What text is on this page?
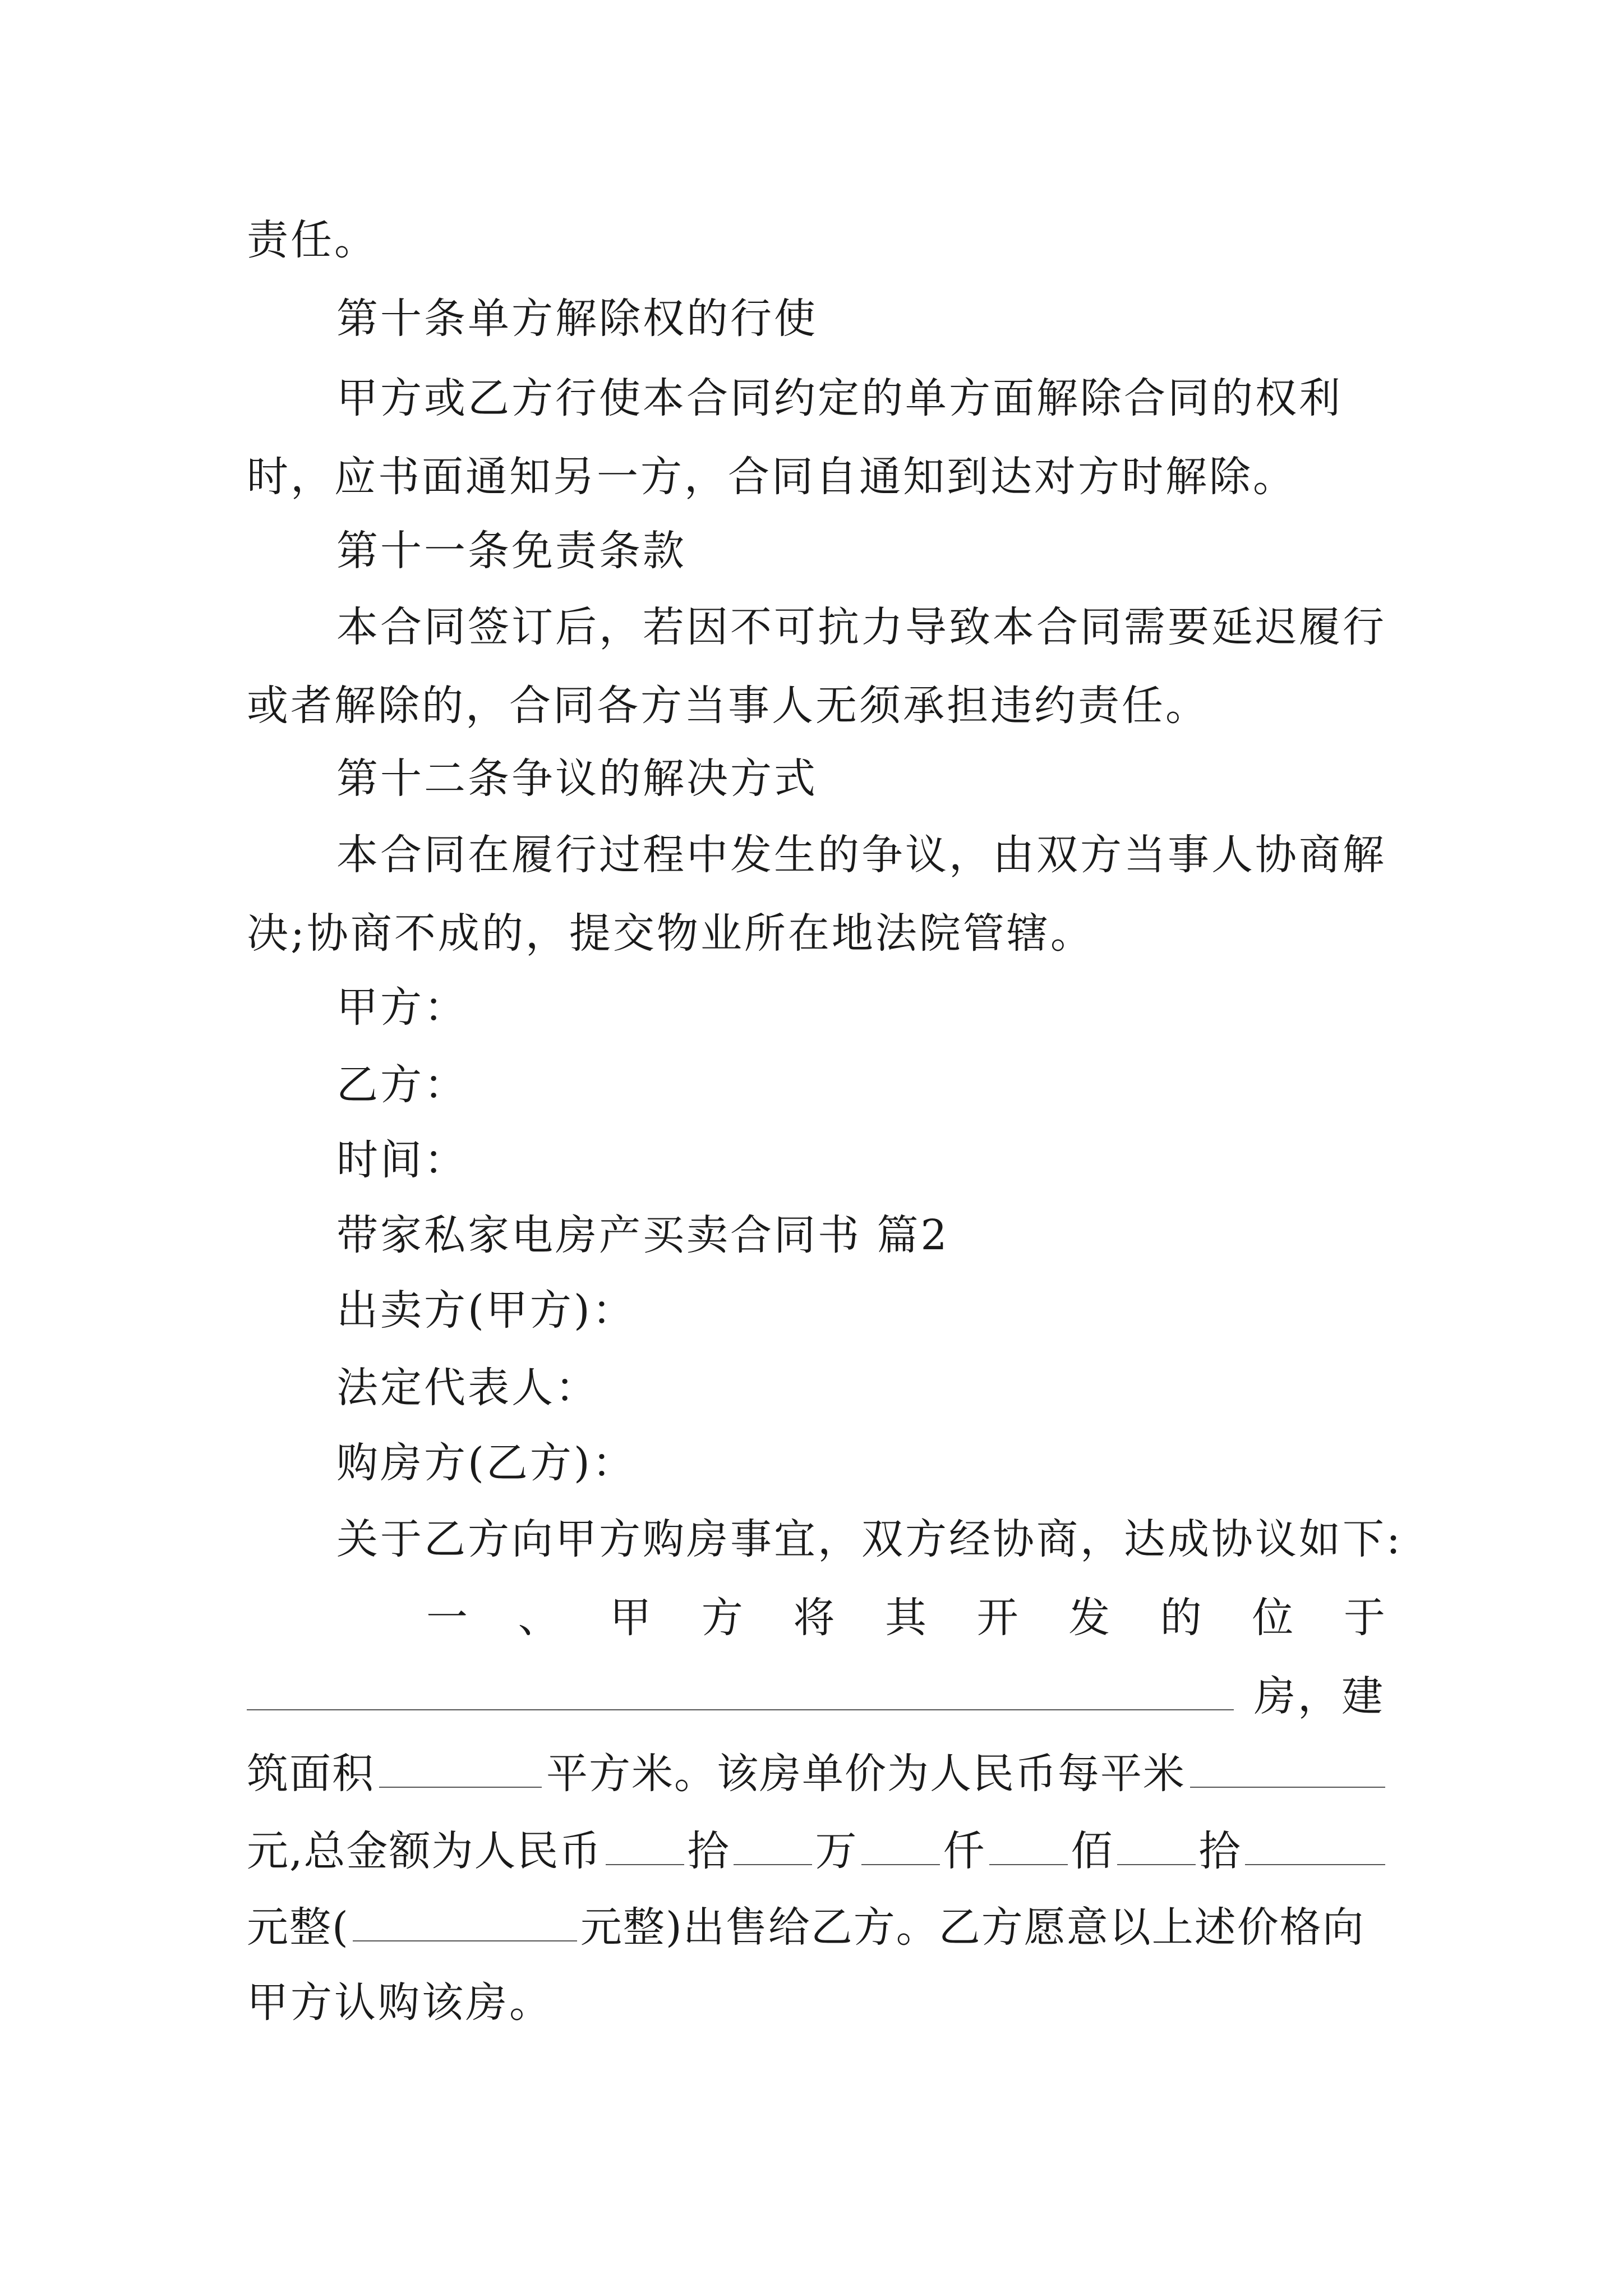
责任。
第十条单方解除权的行使
甲方或乙方行使本合同约定的单方面解除合同的权利
时，应书面通知另一方，合同自通知到达对方时解除。
第十一条免责条款
本合同签订后，若因不可抗力导致本合同需要延迟履行
或者解除的，合同各方当事人无须承担违约责任。
第十二条争议的解决方式
本合同在履行过程中发生的争议，由双方当事人协商解
决;协商不成的，提交物业所在地法院管辖。
甲方：
乙方：
时间：
带家私家电房产买卖合同书 篇2
出卖方(甲方)：
法定代表人：
购房方(乙方)：
关于乙方向甲方购房事宜，双方经协商，达成协议如下:
一 、 甲 方 将 其 开 发 的 位 于
房，建
筑面积	平方米。该房单价为人民币每平米
元,总金额为人民币 拾 万 仟 佰 拾
元整(	元整)出售给乙方。乙方愿意以上述价格向
甲方认购该房。
